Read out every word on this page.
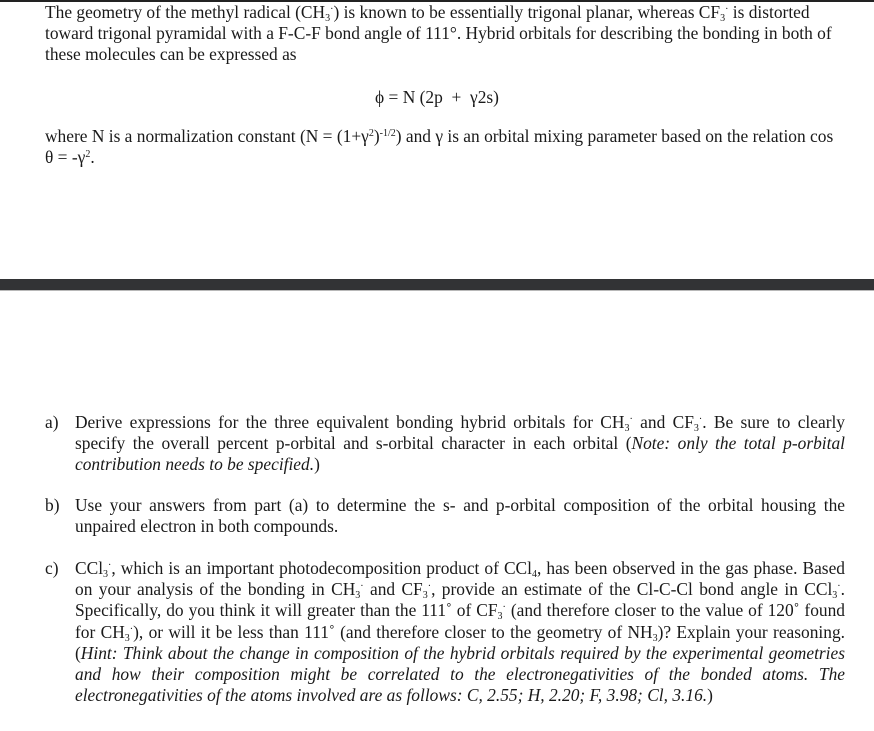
The geometry of the methyl radical $(CH_3^\cdot)$ is known to be essentially trigonal planar, whereas $CF_3^\cdot$ is distorted toward trigonal pyramidal with a F-C-F bond angle of 111°. Hybrid orbitals for describing the bonding in both of these molecules can be expressed as

ϕ = N (2p  +  γ2s)

where N is a normalization constant $(N = (1+\gamma^2)^{-1/2})$ and γ is an orbital mixing parameter based on the relation $\cos \theta = -\gamma^2$.

a) Derive expressions for the three equivalent bonding hybrid orbitals for $CH_3^\cdot$ and $CF_3^\cdot$. Be sure to clearly specify the overall percent p-orbital and s-orbital character in each orbital (Note: only the total p-orbital contribution needs to be specified.)
b) Use your answers from part (a) to determine the s- and p-orbital composition of the orbital housing the unpaired electron in both compounds.
c) CCl$_3$·, which is an important photodecomposition product of CCl$_4$, has been observed in the gas phase. Based on your analysis of the bonding in $CH_3^\cdot$ and $CF_3^\cdot$, provide an estimate of the Cl-C-Cl bond angle in CCl$_3$·. Specifically, do you think it will greater than the 111˚ of $CF_3^\cdot$ (and therefore closer to the value of 120˚ found for $CH_3^\cdot$), or will it be less than 111˚ (and therefore closer to the geometry of $NH_3$)? Explain your reasoning. (Hint: Think about the change in composition of the hybrid orbitals required by the experimental geometries and how their composition might be correlated to the electronegativities of the bonded atoms. The electronegativities of the atoms involved are as follows: C, 2.55; H, 2.20; F, 3.98; Cl, 3.16.)
